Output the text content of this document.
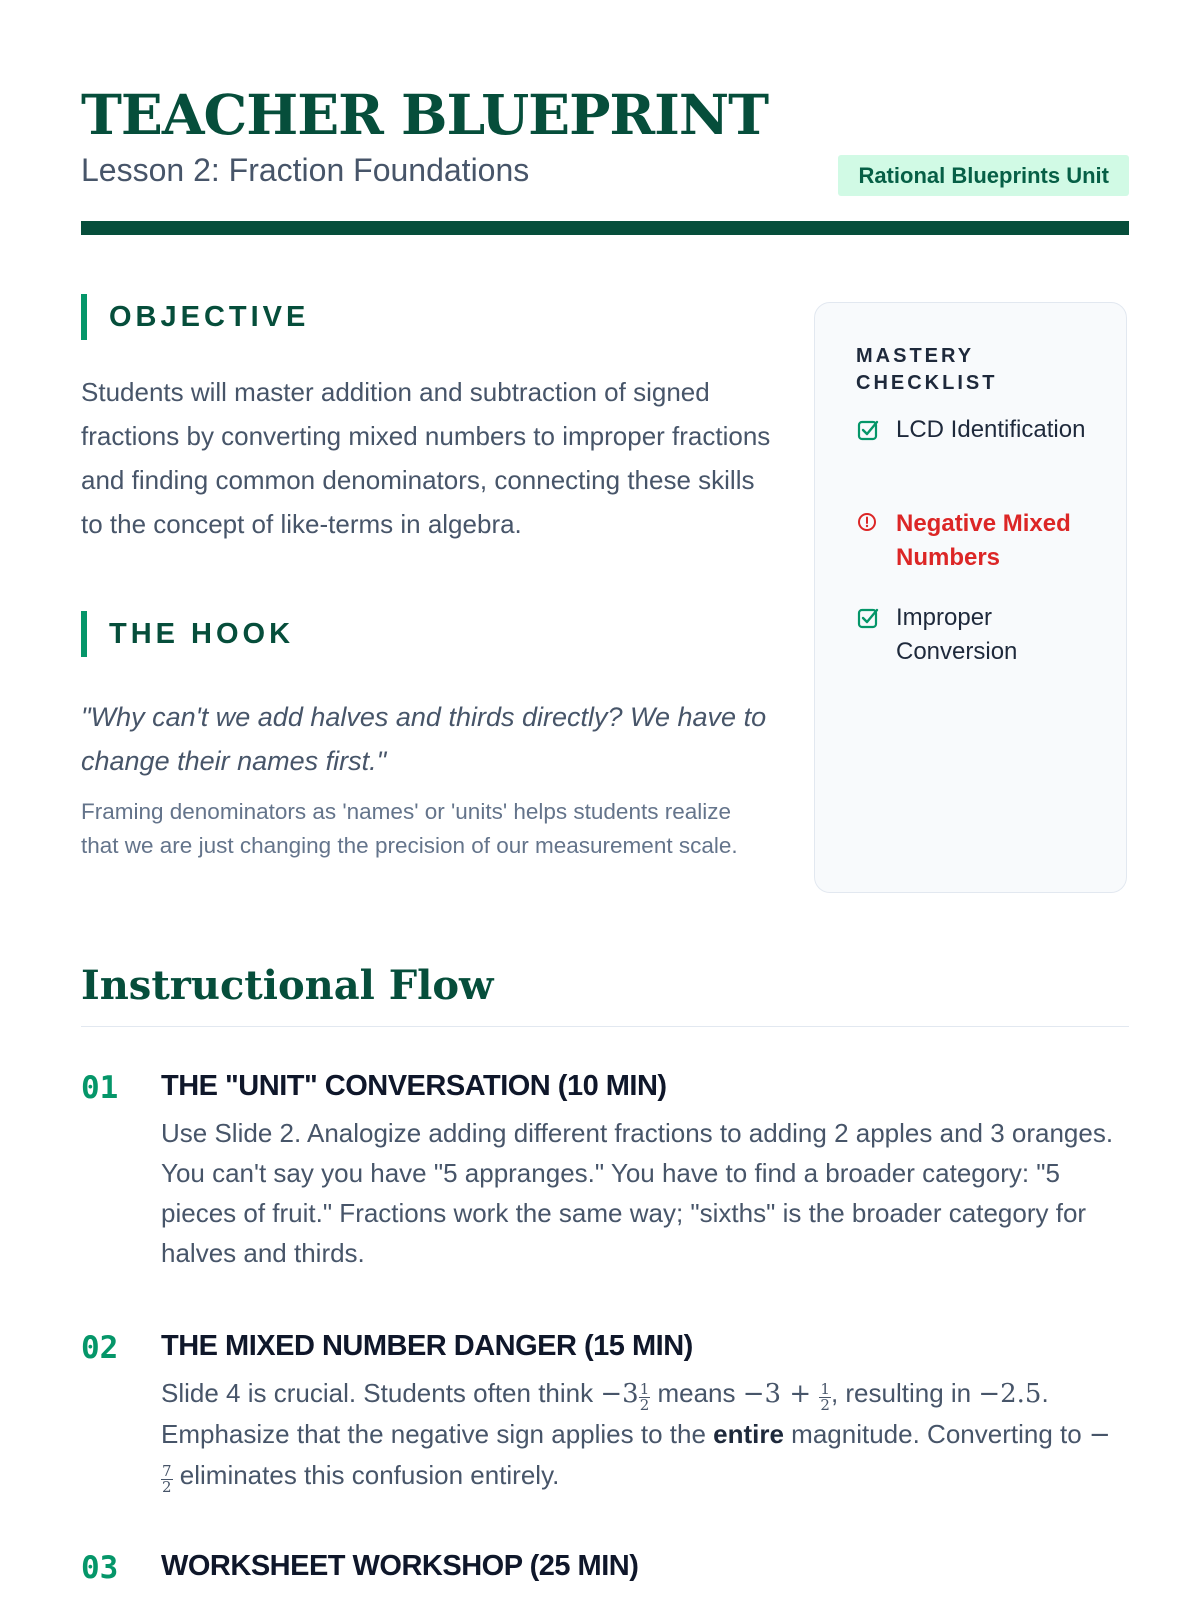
TEACHER BLUEPRINT
Lesson 2: Fraction Foundations	Rational Blueprints Unit
OBJECTIVE

Students will master addition and subtraction of signed fractions by converting mixed numbers to improper fractions and finding common denominators, connecting these skills to the concept of like-terms in algebra.

THE HOOK

"Why can't we add halves and thirds directly? We have to change their names first."

Framing denominators as 'names' or 'units' helps students realize that we are just changing the precision of our measurement scale.

MASTERY CHECKLIST
LCD Identification
Negative Mixed Numbers
Improper Conversion
Instructional Flow
01 THE "UNIT" CONVERSATION (10 MIN)

Use Slide 2. Analogize adding different fractions to adding 2 apples and 3 oranges. You can't say you have "5 appranges." You have to find a broader category: "5 pieces of fruit." Fractions work the same way; "sixths" is the broader category for halves and thirds.

02 THE MIXED NUMBER DANGER (15 MIN)

Slide 4 is crucial. Students often think $-3 \frac{1}{2}$ means $-3 + \frac{1}{2}$ , resulting in −2.5. Emphasize that the negative sign applies to the entire magnitude. Converting to −
$\frac{7}{2}$ eliminates this confusion entirely.

03 WORKSHEET WORKSHOP (25 MIN)
